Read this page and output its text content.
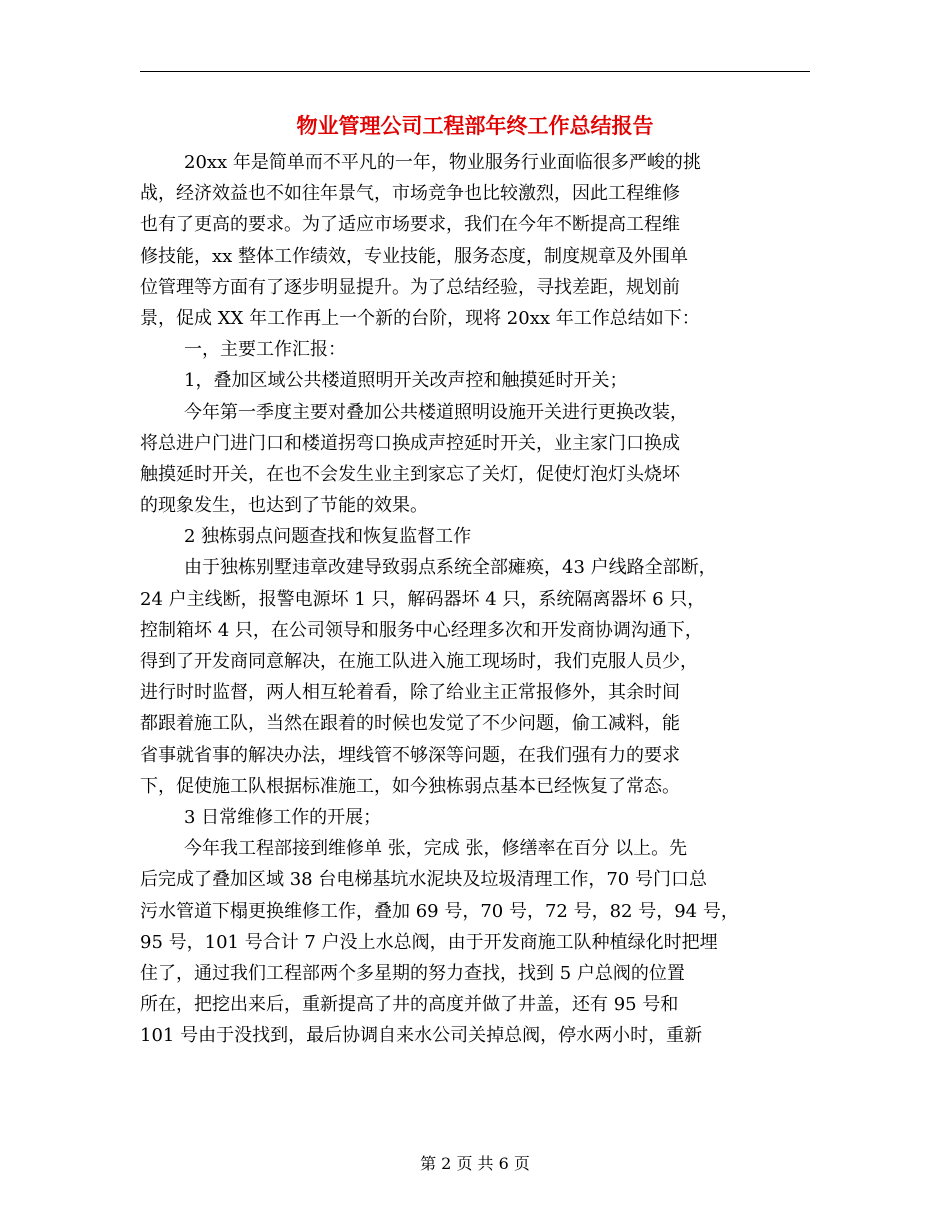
物业管理公司工程部年终工作总结报告
20xx 年是简单而不平凡的一年，物业服务行业面临很多严峻的挑
战，经济效益也不如往年景气，市场竞争也比较激烈，因此工程维修
也有了更高的要求。为了适应市场要求，我们在今年不断提高工程维
修技能，xx 整体工作绩效，专业技能，服务态度，制度规章及外围单
位管理等方面有了逐步明显提升。为了总结经验，寻找差距，规划前
景，促成 XX 年工作再上一个新的台阶，现将 20xx 年工作总结如下：
一，主要工作汇报：
1，叠加区域公共楼道照明开关改声控和触摸延时开关；
今年第一季度主要对叠加公共楼道照明设施开关进行更换改装，
将总进户门进门口和楼道拐弯口换成声控延时开关，业主家门口换成
触摸延时开关，在也不会发生业主到家忘了关灯，促使灯泡灯头烧坏
的现象发生，也达到了节能的效果。
2 独栋弱点问题查找和恢复监督工作
由于独栋别墅违章改建导致弱点系统全部瘫痪，43 户线路全部断，
24 户主线断，报警电源坏 1 只，解码器坏 4 只，系统隔离器坏 6 只，
控制箱坏 4 只，在公司领导和服务中心经理多次和开发商协调沟通下，
得到了开发商同意解决，在施工队进入施工现场时，我们克服人员少，
进行时时监督，两人相互轮着看，除了给业主正常报修外，其余时间
都跟着施工队，当然在跟着的时候也发觉了不少问题，偷工减料，能
省事就省事的解决办法，埋线管不够深等问题，在我们强有力的要求
下，促使施工队根据标准施工，如今独栋弱点基本已经恢复了常态。
3 日常维修工作的开展；
今年我工程部接到维修单 张，完成 张，修缮率在百分 以上。先
后完成了叠加区域 38 台电梯基坑水泥块及垃圾清理工作，70 号门口总
污水管道下榻更换维修工作，叠加 69 号，70 号，72 号，82 号，94 号，
95 号，101 号合计 7 户没上水总阀，由于开发商施工队种植绿化时把埋
住了，通过我们工程部两个多星期的努力查找，找到 5 户总阀的位置
所在，把挖出来后，重新提高了井的高度并做了井盖，还有 95 号和
101 号由于没找到，最后协调自来水公司关掉总阀，停水两小时，重新
第 2 页 共 6 页
